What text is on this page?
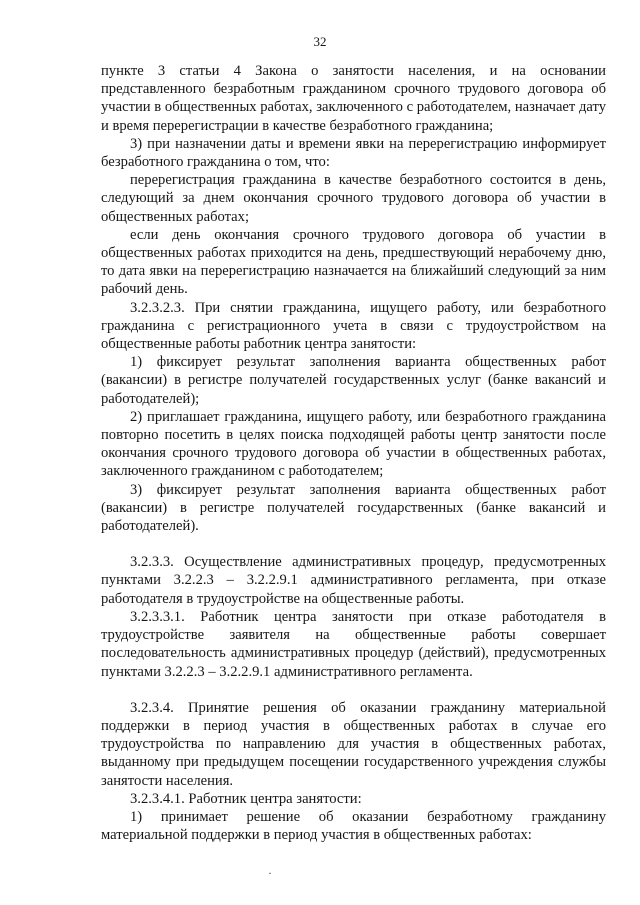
32

пункте 3 статьи 4 Закона о занятости населения, и на основании представленного безработным гражданином срочного трудового договора об участии в общественных работах, заключенного с работодателем, назначает дату и время перерегистрации в качестве безработного гражданина;

3) при назначении даты и времени явки на перерегистрацию информирует безработного гражданина о том, что:

перерегистрация гражданина в качестве безработного состоится в день, следующий за днем окончания срочного трудового договора об участии в общественных работах;

если день окончания срочного трудового договора об участии в общественных работах приходится на день, предшествующий нерабочему дню, то дата явки на перерегистрацию назначается на ближайший следующий за ним рабочий день.

3.2.3.2.3. При снятии гражданина, ищущего работу, или безработного гражданина с регистрационного учета в связи с трудоустройством на общественные работы работник центра занятости:

1) фиксирует результат заполнения варианта общественных работ (вакансии) в регистре получателей государственных услуг (банке вакансий и работодателей);

2) приглашает гражданина, ищущего работу, или безработного гражданина повторно посетить в целях поиска подходящей работы центр занятости после окончания срочного трудового договора об участии в общественных работах, заключенного гражданином с работодателем;

3) фиксирует результат заполнения варианта общественных работ (вакансии) в регистре получателей государственных (банке вакансий и работодателей).

3.2.3.3. Осуществление административных процедур, предусмотренных пунктами 3.2.2.3 – 3.2.2.9.1 административного регламента, при отказе работодателя в трудоустройстве на общественные работы.

3.2.3.3.1. Работник центра занятости при отказе работодателя в трудоустройстве заявителя на общественные работы совершает последовательность административных процедур (действий), предусмотренных пунктами 3.2.2.3 – 3.2.2.9.1 административного регламента.

3.2.3.4. Принятие решения об оказании гражданину материальной поддержки в период участия в общественных работах в случае его трудоустройства по направлению для участия в общественных работах, выданному при предыдущем посещении государственного учреждения службы занятости населения.

3.2.3.4.1. Работник центра занятости:

1) принимает решение об оказании безработному гражданину материальной поддержки в период участия в общественных работах:

·
